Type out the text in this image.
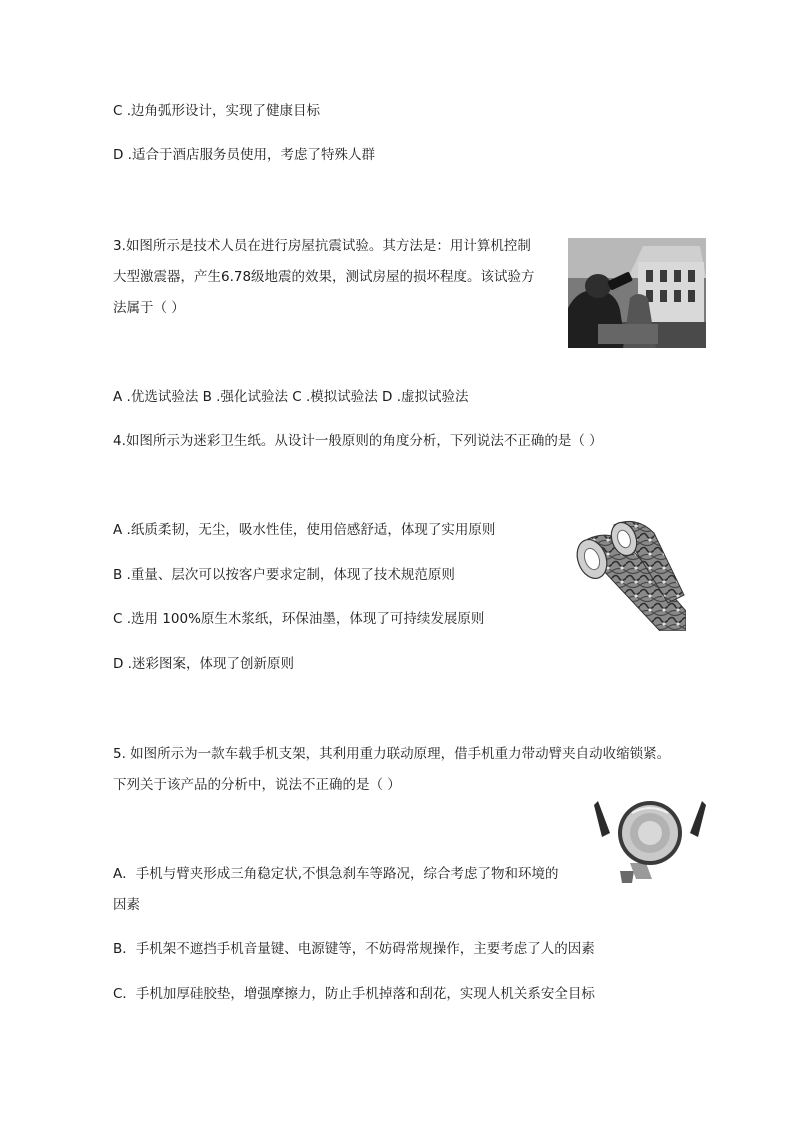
C .边角弧形设计，实现了健康目标
D .适合于酒店服务员使用，考虑了特殊人群
3.如图所示是技术人员在进行房屋抗震试验。其方法是：用计算机控制
大型激震器，产生6.78级地震的效果，测试房屋的损坏程度。该试验方
法属于（ ）
A .优选试验法 B .强化试验法 C .模拟试验法 D .虚拟试验法
4.如图所示为迷彩卫生纸。从设计一般原则的角度分析，下列说法不正确的是（ ）
A .纸质柔韧，无尘，吸水性佳，使用倍感舒适，体现了实用原则
B .重量、层次可以按客户要求定制，体现了技术规范原则
C .选用 100%原生木浆纸，环保油墨，体现了可持续发展原则
D .迷彩图案，体现了创新原则
5. 如图所示为一款车载手机支架，其利用重力联动原理，借手机重力带动臂夹自动收缩锁紧。
下列关于该产品的分析中，说法不正确的是（ ）
A．手机与臂夹形成三角稳定状,不惧急刹车等路况，综合考虑了物和环境的
因素
B．手机架不遮挡手机音量键、电源键等，不妨碍常规操作，主要考虑了人的因素
C．手机加厚硅胶垫，增强摩擦力，防止手机掉落和刮花，实现人机关系安全目标
